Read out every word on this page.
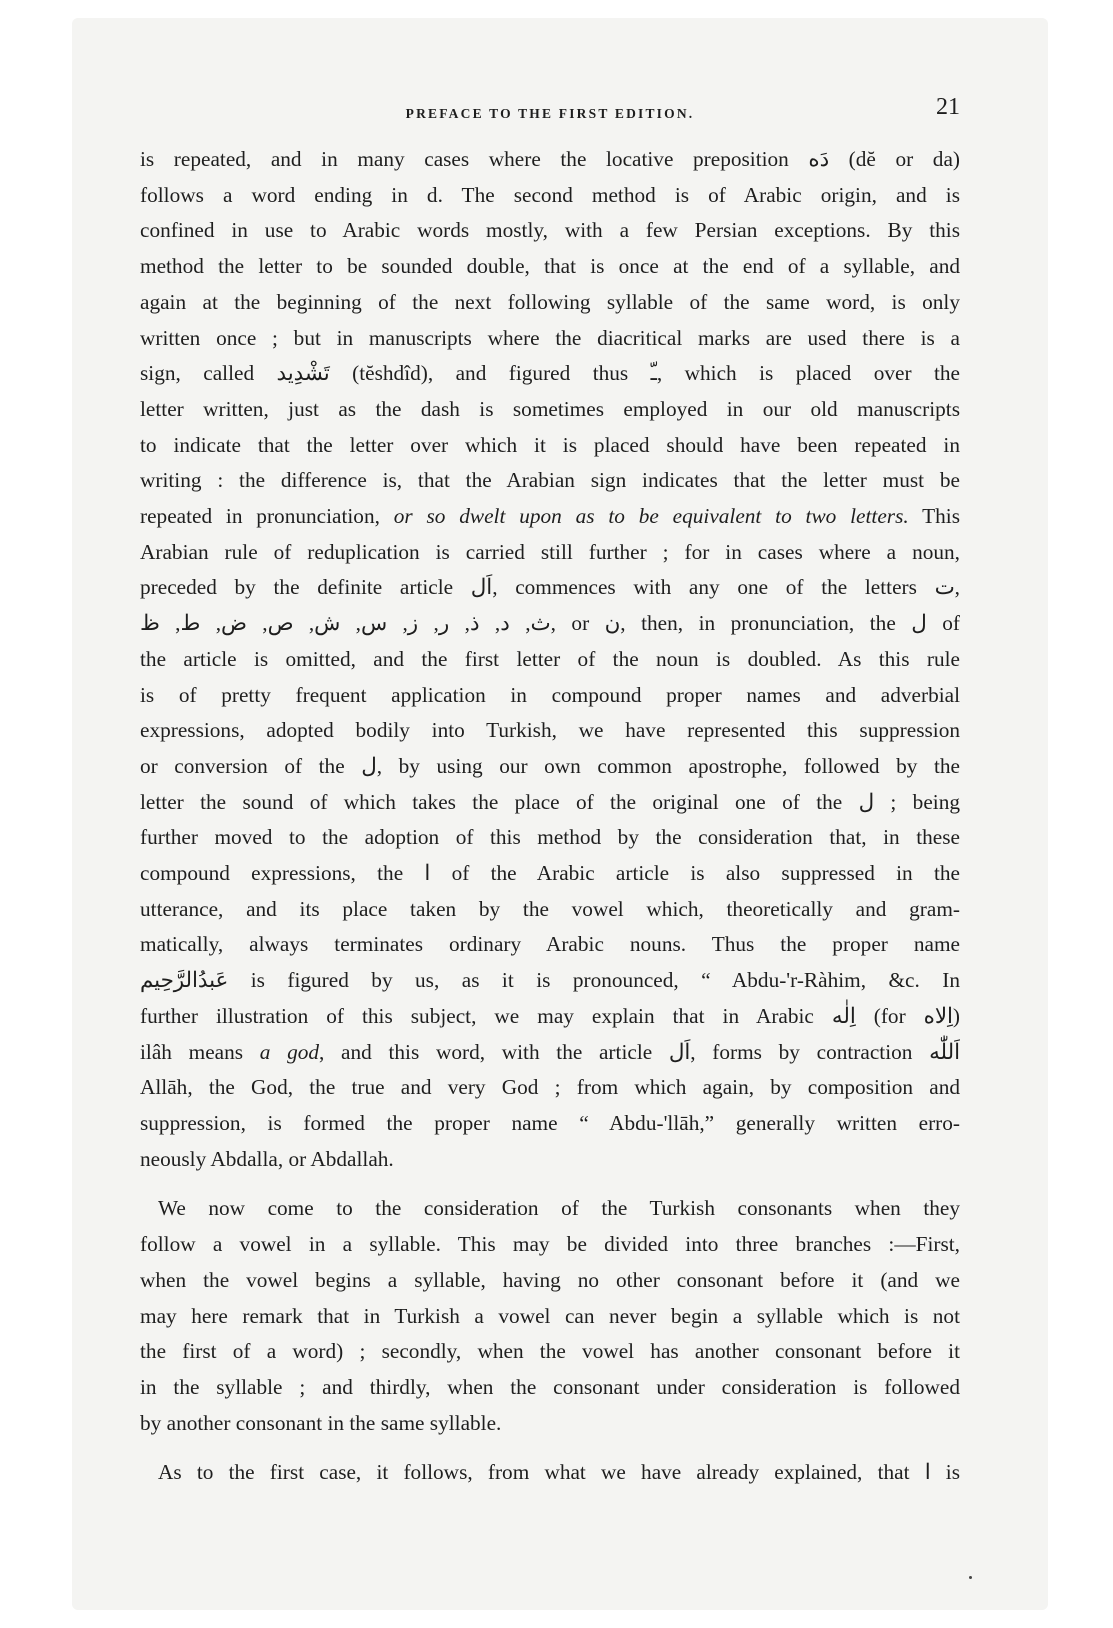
PREFACE TO THE FIRST EDITION.	21
is repeated, and in many cases where the locative preposition دَه (dĕ or da)
follows a word ending in d. The second method is of Arabic origin, and is
confined in use to Arabic words mostly, with a few Persian exceptions. By this
method the letter to be sounded double, that is once at the end of a syllable, and
again at the beginning of the next following syllable of the same word, is only
written once ; but in manuscripts where the diacritical marks are used there is a
sign, called تَشْدِيد (tĕshdîd), and figured thus ـّ, which is placed over the
letter written, just as the dash is sometimes employed in our old manuscripts
to indicate that the letter over which it is placed should have been repeated in
writing : the difference is, that the Arabian sign indicates that the letter must be
repeated in pronunciation, or so dwelt upon as to be equivalent to two letters. This
Arabian rule of reduplication is carried still further ; for in cases where a noun,
preceded by the definite article اَل, commences with any one of the letters ت,
ث, د, ذ, ر, ز, س, ش, ص, ض, ط, ظ, or ن, then, in pronunciation, the ل of
the article is omitted, and the first letter of the noun is doubled. As this rule
is of pretty frequent application in compound proper names and adverbial
expressions, adopted bodily into Turkish, we have represented this suppression
or conversion of the ل, by using our own common apostrophe, followed by the
letter the sound of which takes the place of the original one of the ل ; being
further moved to the adoption of this method by the consideration that, in these
compound expressions, the ا of the Arabic article is also suppressed in the
utterance, and its place taken by the vowel which, theoretically and gram-
matically, always terminates ordinary Arabic nouns. Thus the proper name
عَبدُالرَّحِيم is figured by us, as it is pronounced, “ Abdu-'r-Ràhim, &c. In
further illustration of this subject, we may explain that in Arabic اِلٰه (for اِلاه)
ilâh means a god, and this word, with the article اَل, forms by contraction اَللّٰه
Allāh, the God, the true and very God ; from which again, by composition and
suppression, is formed the proper name “ Abdu-'llāh,” generally written erro-
neously Abdalla, or Abdallah.
We now come to the consideration of the Turkish consonants when they
follow a vowel in a syllable. This may be divided into three branches :—First,
when the vowel begins a syllable, having no other consonant before it (and we
may here remark that in Turkish a vowel can never begin a syllable which is not
the first of a word) ; secondly, when the vowel has another consonant before it
in the syllable ; and thirdly, when the consonant under consideration is followed
by another consonant in the same syllable.
As to the first case, it follows, from what we have already explained, that ا is
